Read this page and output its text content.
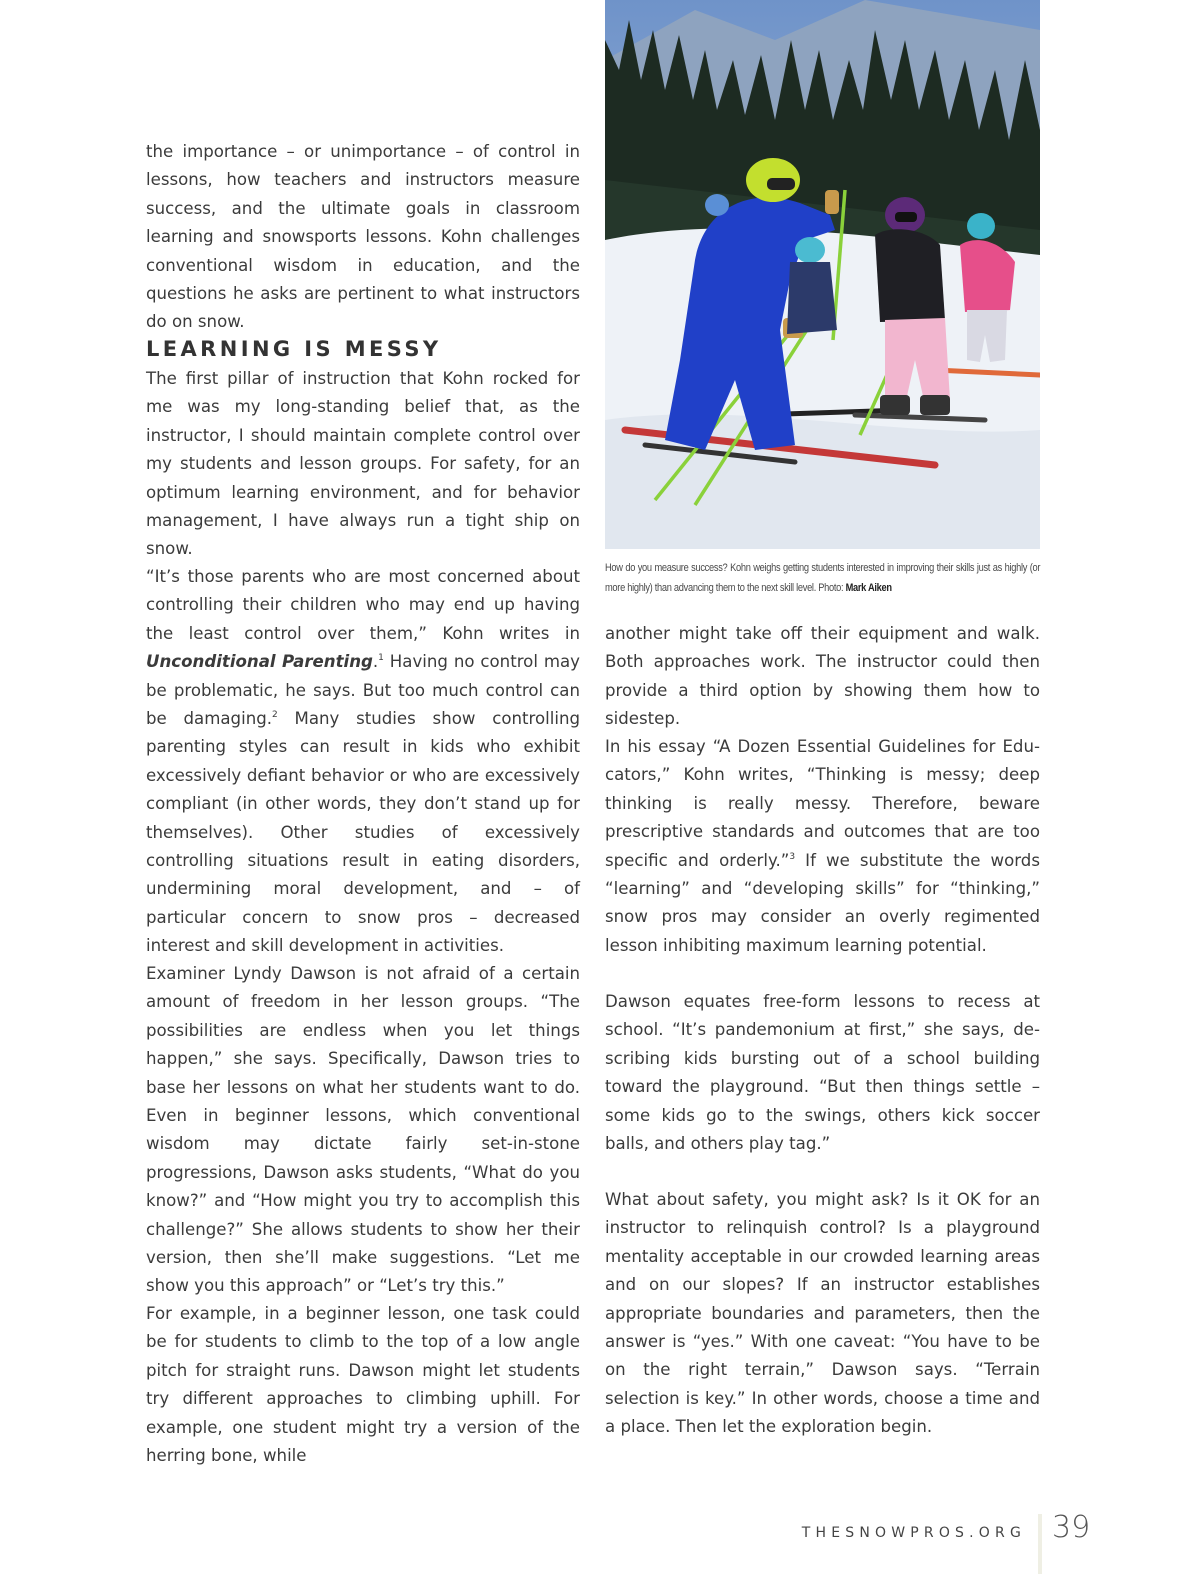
the importance – or unimportance – of control in lessons, how teachers and instructors measure success, and the ultimate goals in classroom learning and snowsports lessons. Kohn challenges conventional wisdom in education, and the questions he asks are pertinent to what instructors do on snow.

LEARNING IS MESSY

The first pillar of instruction that Kohn rocked for me was my long-standing belief that, as the instructor, I should maintain complete control over my students and lesson groups. For safety, for an optimum learning environment, and for behavior management, I have always run a tight ship on snow.

“It’s those parents who are most concerned about controlling their children who may end up having the least control over them,” Kohn writes in Unconditional Parenting.$^1$ Having no control may be problematic, he says. But too much control can be damaging.$^2$ Many studies show controlling parenting styles can result in kids who exhibit excessively defiant behavior or who are excessively compliant (in other words, they don’t stand up for themselves). Other studies of excessively controlling situations result in eating disorders, undermining moral development, and – of particular concern to snow pros – decreased interest and skill development in activities.

Examiner Lyndy Dawson is not afraid of a certain amount of freedom in her lesson groups. “The possibilities are endless when you let things happen,” she says. Specifically, Dawson tries to base her lessons on what her students want to do. Even in beginner lessons, which conventional wisdom may dictate fairly set-in-stone progressions, Dawson asks students, “What do you know?” and “How might you try to accomplish this challenge?” She allows students to show her their version, then she’ll make suggestions. “Let me show you this approach” or “Let’s try this.”

For example, in a beginner lesson, one task could be for students to climb to the top of a low angle pitch for straight runs. Dawson might let students try different approaches to climbing uphill. For example, one student might try a version of the herring bone, while

How do you measure success? Kohn weighs getting students interested in improving their skills just as highly (or more highly) than advancing them to the next skill level. Photo: Mark Aiken

another might take off their equipment and walk. Both approaches work. The instructor could then provide a third option by showing them how to sidestep.

In his essay “A Dozen Essential Guidelines for Educators,” Kohn writes, “Thinking is messy; deep thinking is really messy. Therefore, beware prescriptive standards and outcomes that are too specific and orderly.”$^3$ If we substitute the words “learning” and “developing skills” for “thinking,” snow pros may consider an overly regimented lesson inhibiting maximum learning potential.

Dawson equates free-form lessons to recess at school. “It’s pandemonium at first,” she says, describing kids bursting out of a school building toward the playground. “But then things settle – some kids go to the swings, others kick soccer balls, and others play tag.”

What about safety, you might ask? Is it OK for an instructor to relinquish control? Is a playground mentality acceptable in our crowded learning areas and on our slopes? If an instructor establishes appropriate boundaries and parameters, then the answer is “yes.” With one caveat: “You have to be on the right terrain,” Dawson says. “Terrain selection is key.” In other words, choose a time and a place. Then let the exploration begin.

THESNOWPROS.ORG 39
